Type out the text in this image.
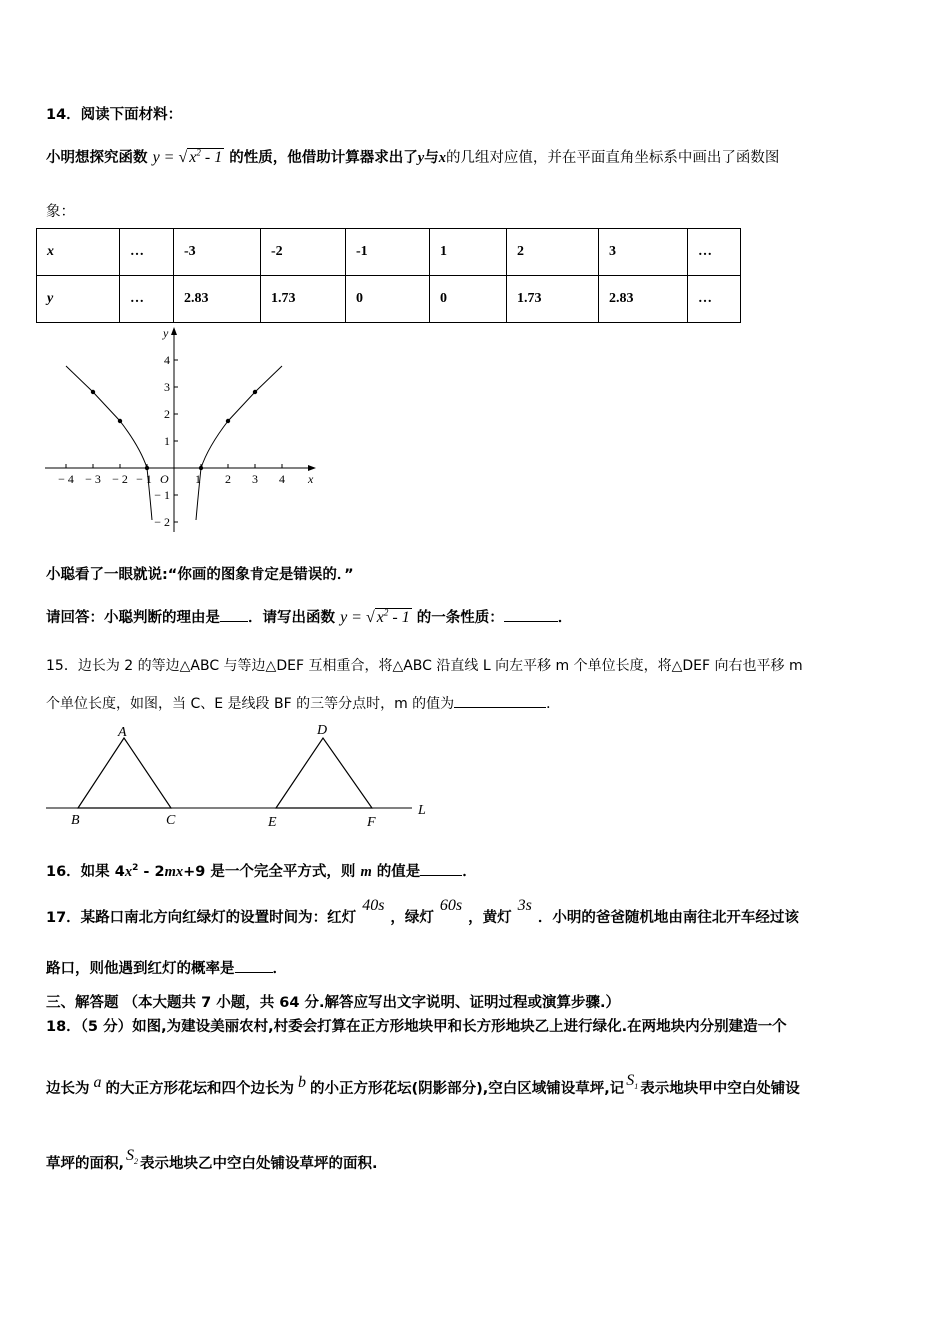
14．阅读下面材料：
小明想探究函数 y = √ $x^2 - 1$ 的性质，他借助计算器求出了y与x的几组对应值，并在平面直角坐标系中画出了函数图
象：
x	…	-3	-2	-1	1	2	3	…
y	…	2.83	1.73	0	0	1.73	2.83	…
y
x
O
− 4 − 3 − 2 − 1	1 2 3 4
4
3
2
1
− 1
− 2
小聪看了一眼就说:“你画的图象肯定是错误的．”
请回答：小聪判断的理由是 ．请写出函数 y = √ $x^2 - 1$ 的一条性质：	．
15．边长为 2 的等边△ABC 与等边△DEF 互相重合，将△ABC 沿直线 L 向左平移 m 个单位长度，将△DEF 向右也平移 m
个单位长度，如图，当 C、E 是线段 BF 的三等分点时，m 的值为	．
A
B	C
D
E	F
L
16．如果 $4x^2 - 2mx+9$ 是一个完全平方式，则 m 的值是	．
17．某路口南北方向红绿灯的设置时间为：红灯40s，绿灯60s，黄灯3s．小明的爸爸随机地由南往北开车经过该
路口，则他遇到红灯的概率是	．
三、解答题 （本大题共 7 小题，共 64 分.解答应写出文字说明、证明过程或演算步骤.）
18．（5 分）如图,为建设美丽农村,村委会打算在正方形地块甲和长方形地块乙上进行绿化.在两地块内分别建造一个
边长为 a 的大正方形花坛和四个边长为 b 的小正方形花坛(阴影部分),空白区域铺设草坪,记 $S_1$ 表示地块甲中空白处铺设
草坪的面积, $S_2$ 表示地块乙中空白处铺设草坪的面积.
